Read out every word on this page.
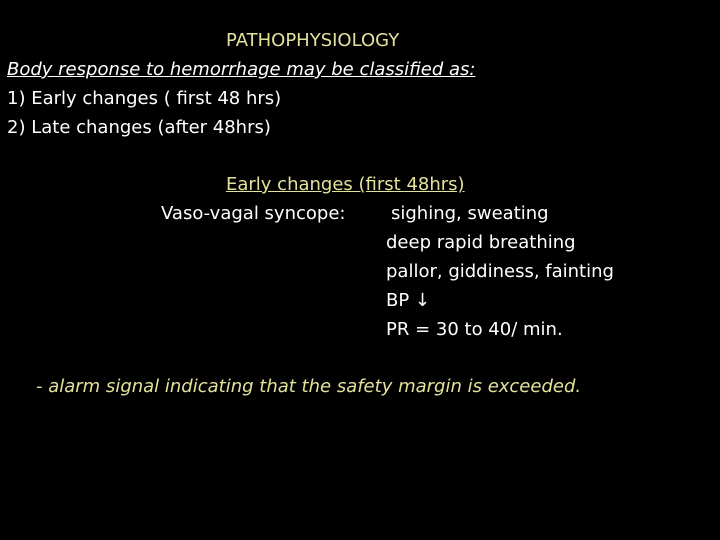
PATHOPHYSIOLOGY
Body response to hemorrhage may be classified as:
1) Early changes ( first 48 hrs)
2) Late changes (after 48hrs)
Early changes (first 48hrs)
Vaso-vagal syncope:	sighing, sweating
deep rapid breathing
pallor, giddiness, fainting
BP ↓
PR = 30 to 40/ min.
- alarm signal indicating that the safety margin is exceeded.
